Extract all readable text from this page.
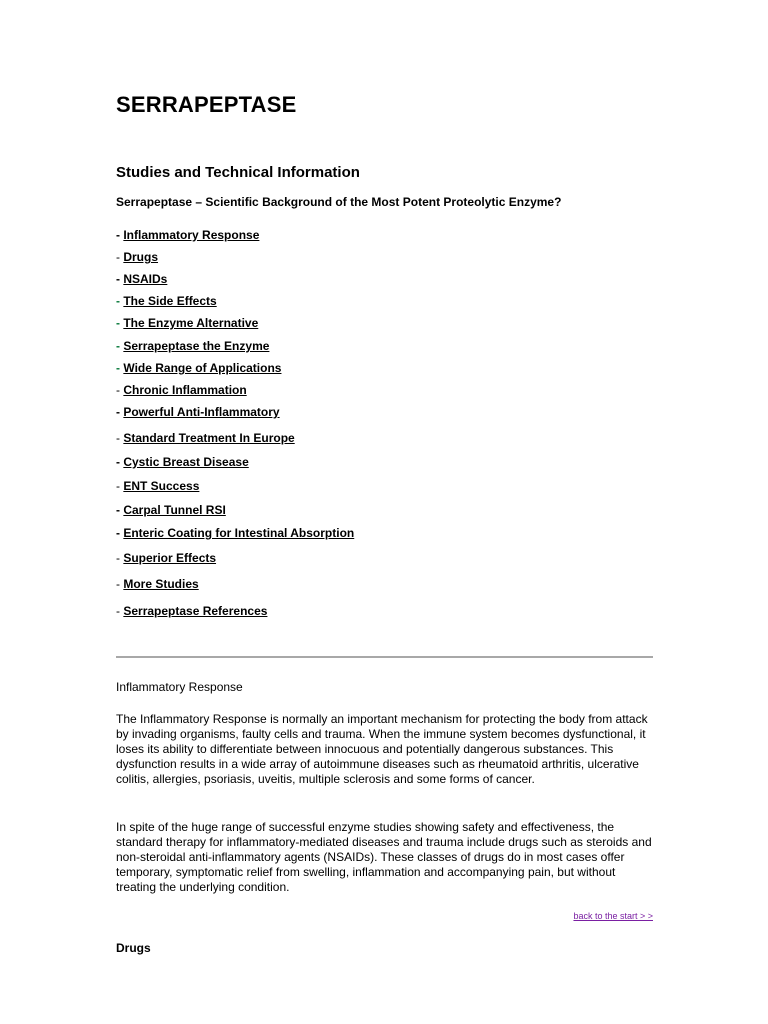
SERRAPEPTASE
Studies and Technical Information

Serrapeptase – Scientific Background of the Most Potent Proteolytic Enzyme?

- Inflammatory Response
- Drugs
- NSAIDs
- The Side Effects
- The Enzyme Alternative
- Serrapeptase the Enzyme
- Wide Range of Applications
- Chronic Inflammation
- Powerful Anti-Inflammatory
- Standard Treatment In Europe
- Cystic Breast Disease
- ENT Success
- Carpal Tunnel RSI
- Enteric Coating for Intestinal Absorption
- Superior Effects
- More Studies
- Serrapeptase References
Inflammatory Response

The Inflammatory Response is normally an important mechanism for protecting the body from attack by invading organisms, faulty cells and trauma. When the immune system becomes dysfunctional, it loses its ability to differentiate between innocuous and potentially dangerous substances. This dysfunction results in a wide array of autoimmune diseases such as rheumatoid arthritis, ulcerative colitis, allergies, psoriasis, uveitis, multiple sclerosis and some forms of cancer.

In spite of the huge range of successful enzyme studies showing safety and effectiveness, the standard therapy for inflammatory-mediated diseases and trauma include drugs such as steroids and non-steroidal anti-inflammatory agents (NSAIDs). These classes of drugs do in most cases offer temporary, symptomatic relief from swelling, inflammation and accompanying pain, but without treating the underlying condition.

back to the start > >
Drugs
